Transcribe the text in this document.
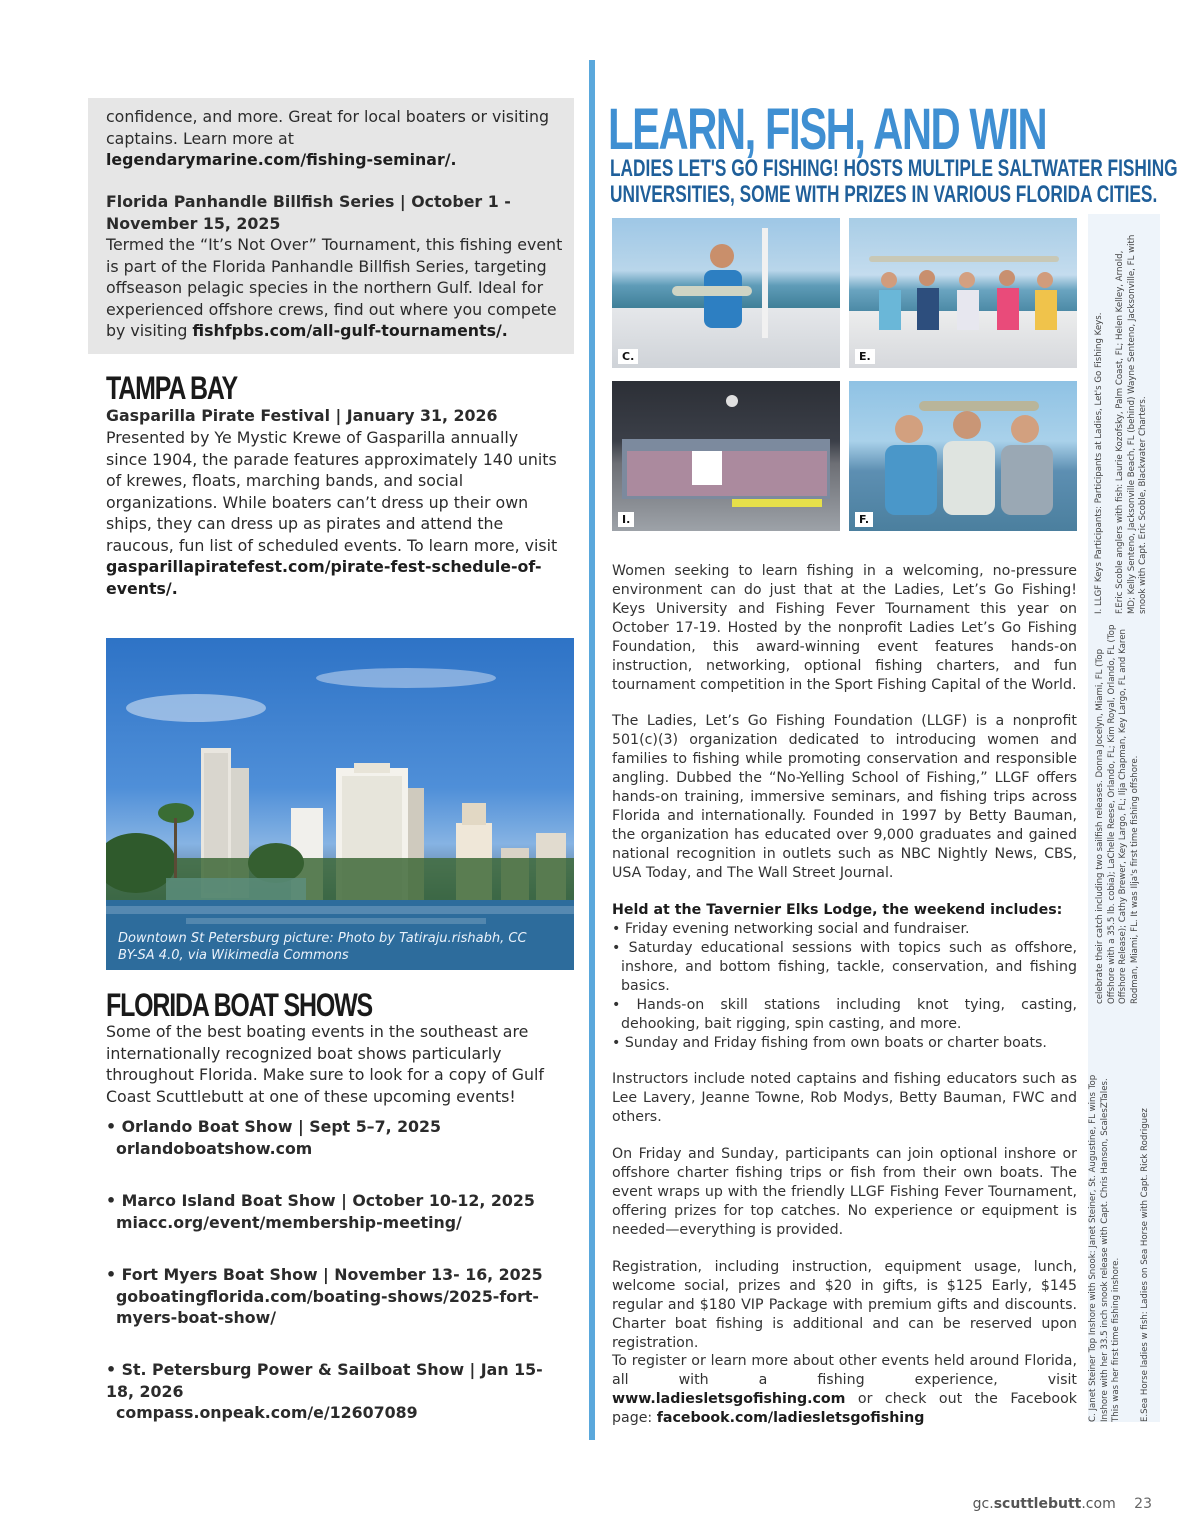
confidence, and more. Great for local boaters or visiting captains. Learn more at legendarymarine.com/fishing-seminar/.

Florida Panhandle Billfish Series | October 1 - November 15, 2025

Termed the “It’s Not Over” Tournament, this fishing event is part of the Florida Panhandle Billfish Series, targeting offseason pelagic species in the northern Gulf. Ideal for experienced offshore crews, find out where you compete by visiting fishfpbs.com/all-gulf-tournaments/.

TAMPA BAY

Gasparilla Pirate Festival | January 31, 2026

Presented by Ye Mystic Krewe of Gasparilla annually since 1904, the parade features approximately 140 units of krewes, floats, marching bands, and social organizations. While boaters can’t dress up their own ships, they can dress up as pirates and attend the raucous, fun list of scheduled events. To learn more, visit gasparillapiratefest.com/pirate-fest-schedule-of-events/.

Downtown St Petersburg picture: Photo by Tatiraju.rishabh, CC BY-SA 4.0, via Wikimedia Commons
FLORIDA BOAT SHOWS

Some of the best boating events in the southeast are internationally recognized boat shows particularly throughout Florida. Make sure to look for a copy of Gulf Coast Scuttlebutt at one of these upcoming events!

• Orlando Boat Show | Sept 5–7, 2025

orlandoboatshow.com

• Marco Island Boat Show | October 10-12, 2025

miacc.org/event/membership-meeting/

• Fort Myers Boat Show | November 13- 16, 2025

goboatingflorida.com/boating-shows/2025-fort-myers-boat-show/

• St. Petersburg Power & Sailboat Show | Jan 15-18, 2026

compass.onpeak.com/e/12607089

LEARN, FISH, AND WIN
LADIES LET'S GO FISHING! HOSTS MULTIPLE SALTWATER FISHING
UNIVERSITIES, SOME WITH PRIZES IN VARIOUS FLORIDA CITIES.
C.	E.
I.	F.

Women seeking to learn fishing in a welcoming, no-pressure environment can do just that at the Ladies, Let’s Go Fishing! Keys University and Fishing Fever Tournament this year on October 17-19. Hosted by the nonprofit Ladies Let’s Go Fishing Foundation, this award-winning event features hands-on instruction, networking, optional fishing charters, and fun tournament competition in the Sport Fishing Capital of the World.

The Ladies, Let’s Go Fishing Foundation (LLGF) is a nonprofit 501(c)(3) organization dedicated to introducing women and families to fishing while promoting conservation and responsible angling. Dubbed the “No-Yelling School of Fishing,” LLGF offers hands-on training, immersive seminars, and fishing trips across Florida and internationally. Founded in 1997 by Betty Bauman, the organization has educated over 9,000 graduates and gained national recognition in outlets such as NBC Nightly News, CBS, USA Today, and The Wall Street Journal.

Held at the Tavernier Elks Lodge, the weekend includes:

• Friday evening networking social and fundraiser.

• Saturday educational sessions with topics such as offshore, inshore, and bottom fishing, tackle, conservation, and fishing basics.

• Hands-on skill stations including knot tying, casting, dehooking, bait rigging, spin casting, and more.

• Sunday and Friday fishing from own boats or charter boats.

Instructors include noted captains and fishing educators such as Lee Lavery, Jeanne Towne, Rob Modys, Betty Bauman, FWC and others.

On Friday and Sunday, participants can join optional inshore or offshore charter fishing trips or fish from their own boats. The event wraps up with the friendly LLGF Fishing Fever Tournament, offering prizes for top catches. No experience or equipment is needed—everything is provided.

Registration, including instruction, equipment usage, lunch, welcome social, prizes and $20 in gifts, is $125 Early, $145 regular and $180 VIP Package with premium gifts and discounts. Charter boat fishing is additional and can be reserved upon registration.

To register or learn more about other events held around Florida, all with a fishing experience, visit www.ladiesletsgofishing.com or check out the Facebook page: facebook.com/ladiesletsgofishing	C. Janet Steiner Top Inshore with Snook: Janet Steiner, St. Augustine, FL wins Top Inshore with her 33.5 inch snook release with Capt. Chris Hanson, ScalesZTales. This was her first time fishing inshore.
celebrate their catch including two sailfish releases. Donna Jocelyn, Miami, FL (Top Offshore with a 35.5 lb. cobia); LaChelle Reese, Orlando, FL; Kim Royal, Orlando, FL (Top Offshore Release); Cathy Brewer, Key Largo, FL; Ilja Chapman, Key Largo, FL and Karen Rodman, Miami, FL. It was Ilja's first time fishing offshore.
E.Sea Horse ladies w fish: Ladies on Sea Horse with Capt. Rick Rodriguez
I. LLGF Keys Participants: Participants at Ladies, Let's Go Fishing Keys. F.Eric Scoble anglers with fish: Laurie Kozofsky, Palm Coast, FL; Helen Kelley, Arnold, MD; Kelly Senteno, Jacksonville Beach, FL (behind) Wayne Senteno, Jacksonville, FL with snook with Capt. Eric Scoble, Blackwater Charters.
gc.scuttlebutt.com 23
